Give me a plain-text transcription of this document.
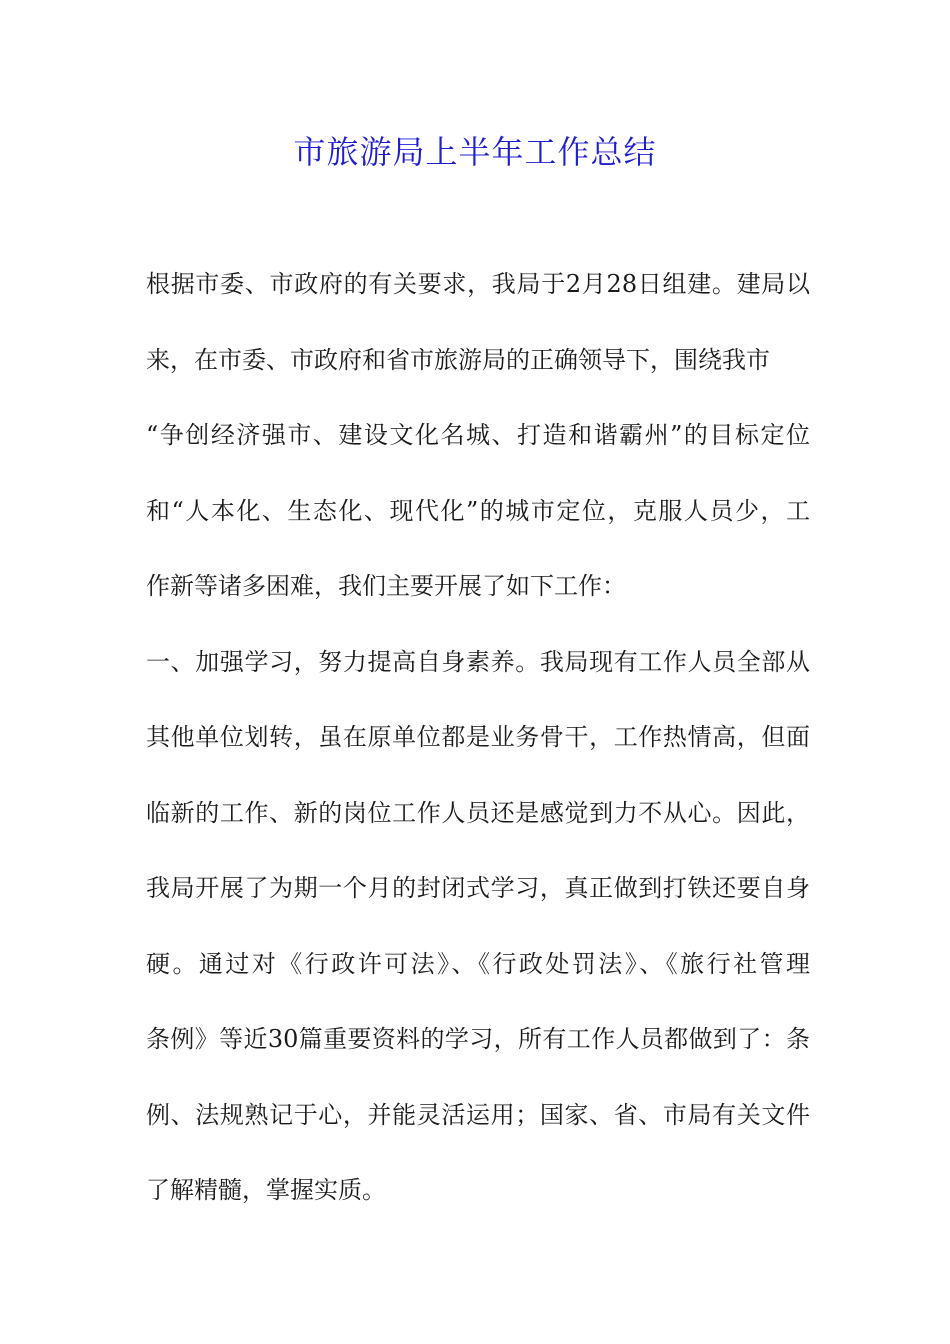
市旅游局上半年工作总结
根据市委、市政府的有关要求，我局于2月28日组建。建局以
来，在市委、市政府和省市旅游局的正确领导下，围绕我市
“争创经济强市、建设文化名城、打造和谐霸州”的目标定位
和“人本化、生态化、现代化”的城市定位，克服人员少，工
作新等诸多困难，我们主要开展了如下工作：
一、加强学习，努力提高自身素养。我局现有工作人员全部从
其他单位划转，虽在原单位都是业务骨干，工作热情高，但面
临新的工作、新的岗位工作人员还是感觉到力不从心。因此，
我局开展了为期一个月的封闭式学习，真正做到打铁还要自身
硬。通过对《行政许可法》、《行政处罚法》、《旅行社管理
条例》等近30篇重要资料的学习，所有工作人员都做到了：条
例、法规熟记于心，并能灵活运用；国家、省、市局有关文件
了解精髓，掌握实质。
